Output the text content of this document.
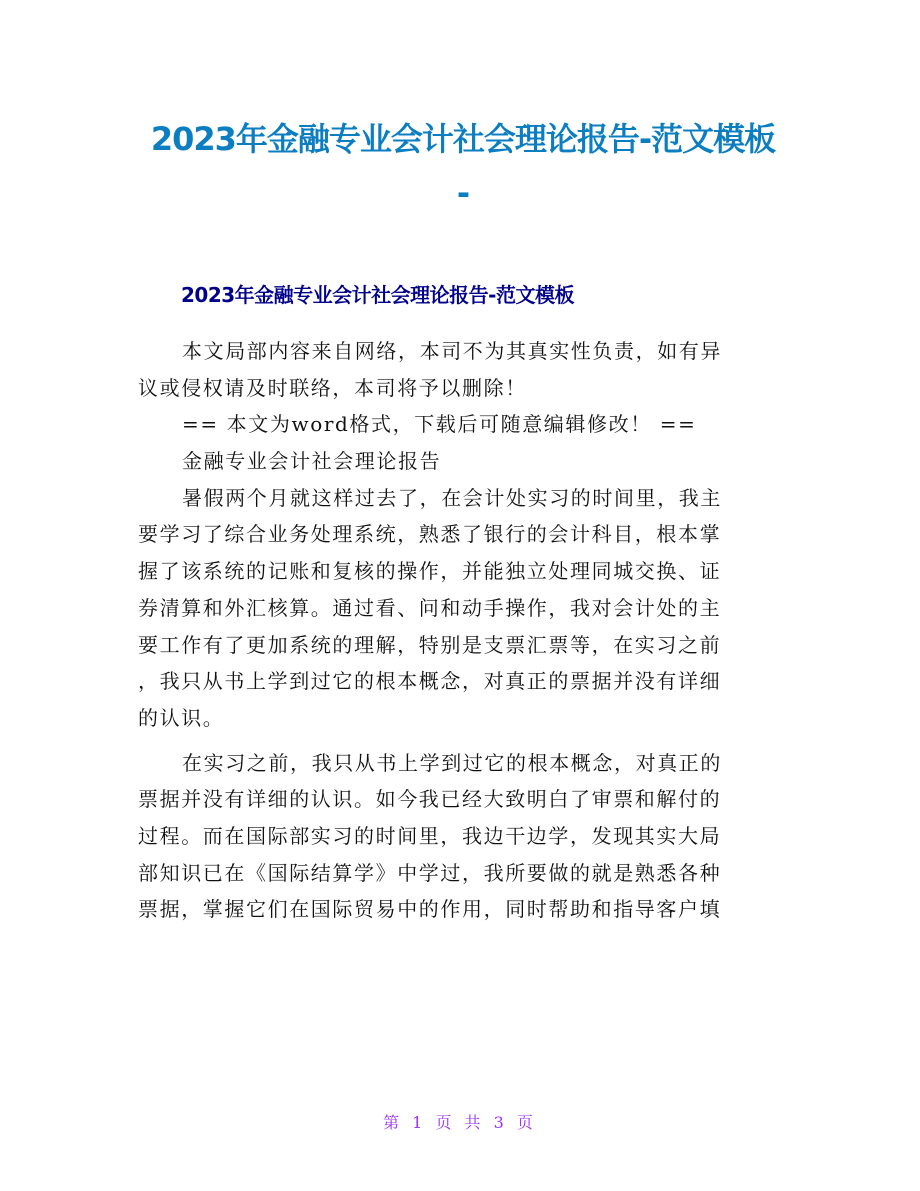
2023年金融专业会计社会理论报告-范文模板
-
2023年金融专业会计社会理论报告-范文模板
本文局部内容来自网络，本司不为其真实性负责，如有异
议或侵权请及时联络，本司将予以删除！
== 本文为word格式，下载后可随意编辑修改！ ==
金融专业会计社会理论报告
暑假两个月就这样过去了，在会计处实习的时间里，我主
要学习了综合业务处理系统，熟悉了银行的会计科目，根本掌
握了该系统的记账和复核的操作，并能独立处理同城交换、证
券清算和外汇核算。通过看、问和动手操作，我对会计处的主
要工作有了更加系统的理解，特别是支票汇票等，在实习之前
，我只从书上学到过它的根本概念，对真正的票据并没有详细
的认识。
在实习之前，我只从书上学到过它的根本概念，对真正的
票据并没有详细的认识。如今我已经大致明白了审票和解付的
过程。而在国际部实习的时间里，我边干边学，发现其实大局
部知识已在《国际结算学》中学过，我所要做的就是熟悉各种
票据，掌握它们在国际贸易中的作用，同时帮助和指导客户填
第 1 页 共 3 页
